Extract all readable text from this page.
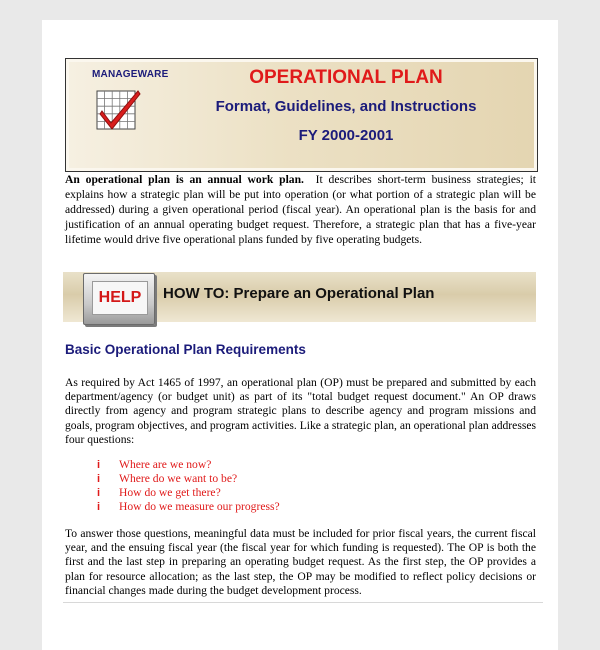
MANAGEWARE	OPERATIONAL PLAN
Format, Guidelines, and Instructions
FY 2000-2001
An operational plan is an annual work plan. It describes short-term business strategies; it explains how a strategic plan will be put into operation (or what portion of a strategic plan will be addressed) during a given operational period (fiscal year). An operational plan is the basis for and justification of an annual operating budget request. Therefore, a strategic plan that has a five-year lifetime would drive five operational plans funded by five operating budgets.
HELP	HOW TO: Prepare an Operational Plan
Basic Operational Plan Requirements
As required by Act 1465 of 1997, an operational plan (OP) must be prepared and submitted by each department/agency (or budget unit) as part of its "total budget request document." An OP draws directly from agency and program strategic plans to describe agency and program missions and goals, program objectives, and program activities. Like a strategic plan, an operational plan addresses four questions:
i Where are we now?
i Where do we want to be?
i How do we get there?
i How do we measure our progress?
To answer those questions, meaningful data must be included for prior fiscal years, the current fiscal year, and the ensuing fiscal year (the fiscal year for which funding is requested). The OP is both the first and the last step in preparing an operating budget request. As the first step, the OP provides a plan for resource allocation; as the last step, the OP may be modified to reflect policy decisions or financial changes made during the budget development process.
